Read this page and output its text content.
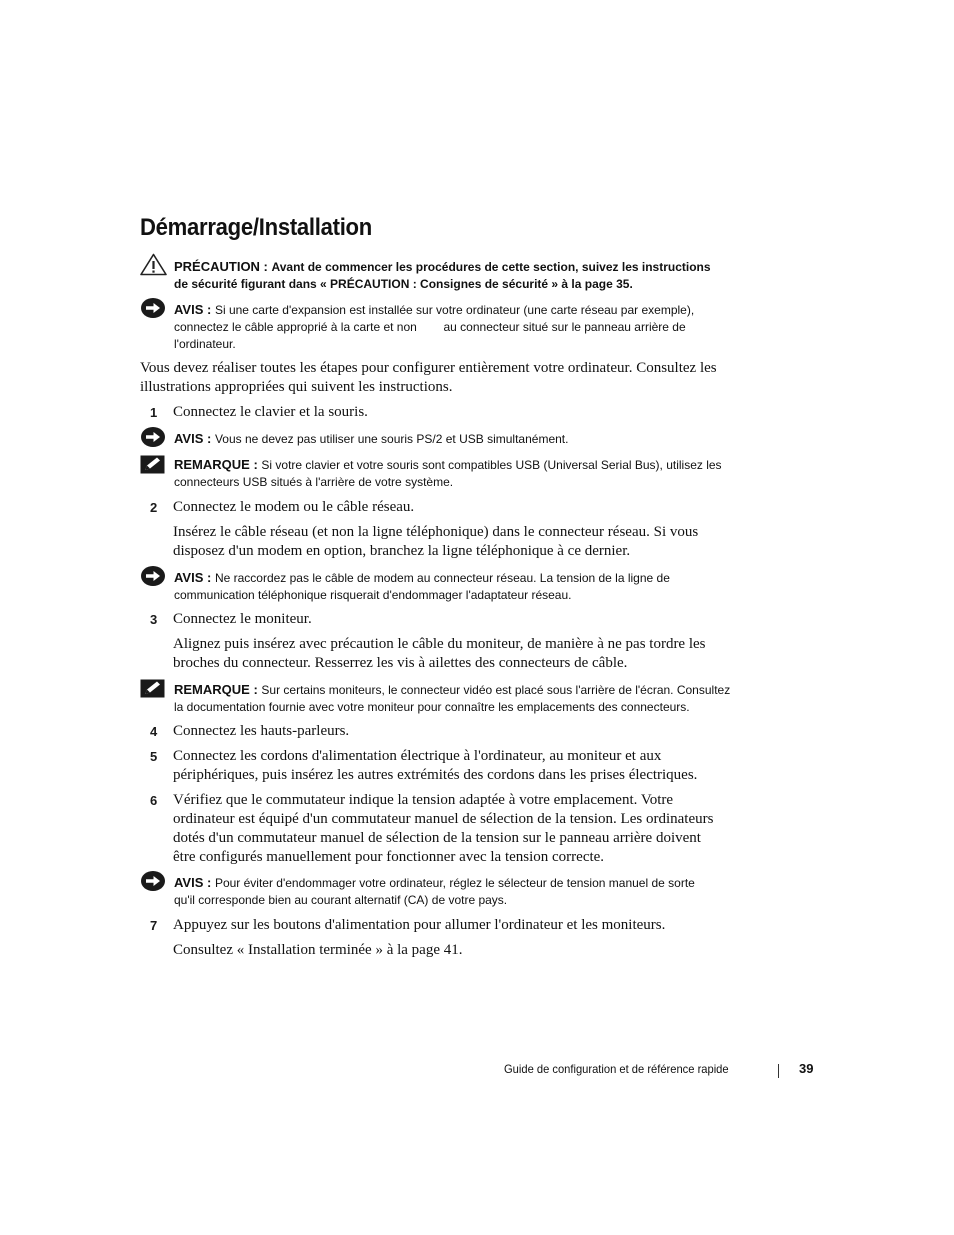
Démarrage/Installation
PRÉCAUTION : Avant de commencer les procédures de cette section, suivez les instructions
de sécurité figurant dans « PRÉCAUTION : Consignes de sécurité » à la page 35.
AVIS : Si une carte d'expansion est installée sur votre ordinateur (une carte réseau par exemple),
connectez le câble approprié à la carte et non        au connecteur situé sur le panneau arrière de
l'ordinateur.
Vous devez réaliser toutes les étapes pour configurer entièrement votre ordinateur. Consultez les
illustrations appropriées qui suivent les instructions.
1 Connectez le clavier et la souris.
AVIS : Vous ne devez pas utiliser une souris PS/2 et USB simultanément.
REMARQUE : Si votre clavier et votre souris sont compatibles USB (Universal Serial Bus), utilisez les
connecteurs USB situés à l'arrière de votre système.
2 Connectez le modem ou le câble réseau.
Insérez le câble réseau (et non la ligne téléphonique) dans le connecteur réseau. Si vous
disposez d'un modem en option, branchez la ligne téléphonique à ce dernier.
AVIS : Ne raccordez pas le câble de modem au connecteur réseau. La tension de la ligne de
communication téléphonique risquerait d'endommager l'adaptateur réseau.
3 Connectez le moniteur.
Alignez puis insérez avec précaution le câble du moniteur, de manière à ne pas tordre les
broches du connecteur. Resserrez les vis à ailettes des connecteurs de câble.
REMARQUE : Sur certains moniteurs, le connecteur vidéo est placé sous l'arrière de l'écran. Consultez
la documentation fournie avec votre moniteur pour connaître les emplacements des connecteurs.
4 Connectez les hauts-parleurs.
5 Connectez les cordons d'alimentation électrique à l'ordinateur, au moniteur et aux
périphériques, puis insérez les autres extrémités des cordons dans les prises électriques.
6 Vérifiez que le commutateur indique la tension adaptée à votre emplacement. Votre
ordinateur est équipé d'un commutateur manuel de sélection de la tension. Les ordinateurs
dotés d'un commutateur manuel de sélection de la tension sur le panneau arrière doivent
être configurés manuellement pour fonctionner avec la tension correcte.
AVIS : Pour éviter d'endommager votre ordinateur, réglez le sélecteur de tension manuel de sorte
qu'il corresponde bien au courant alternatif (CA) de votre pays.
7 Appuyez sur les boutons d'alimentation pour allumer l'ordinateur et les moniteurs.
Consultez « Installation terminée » à la page 41.
Guide de configuration et de référence rapide	39
